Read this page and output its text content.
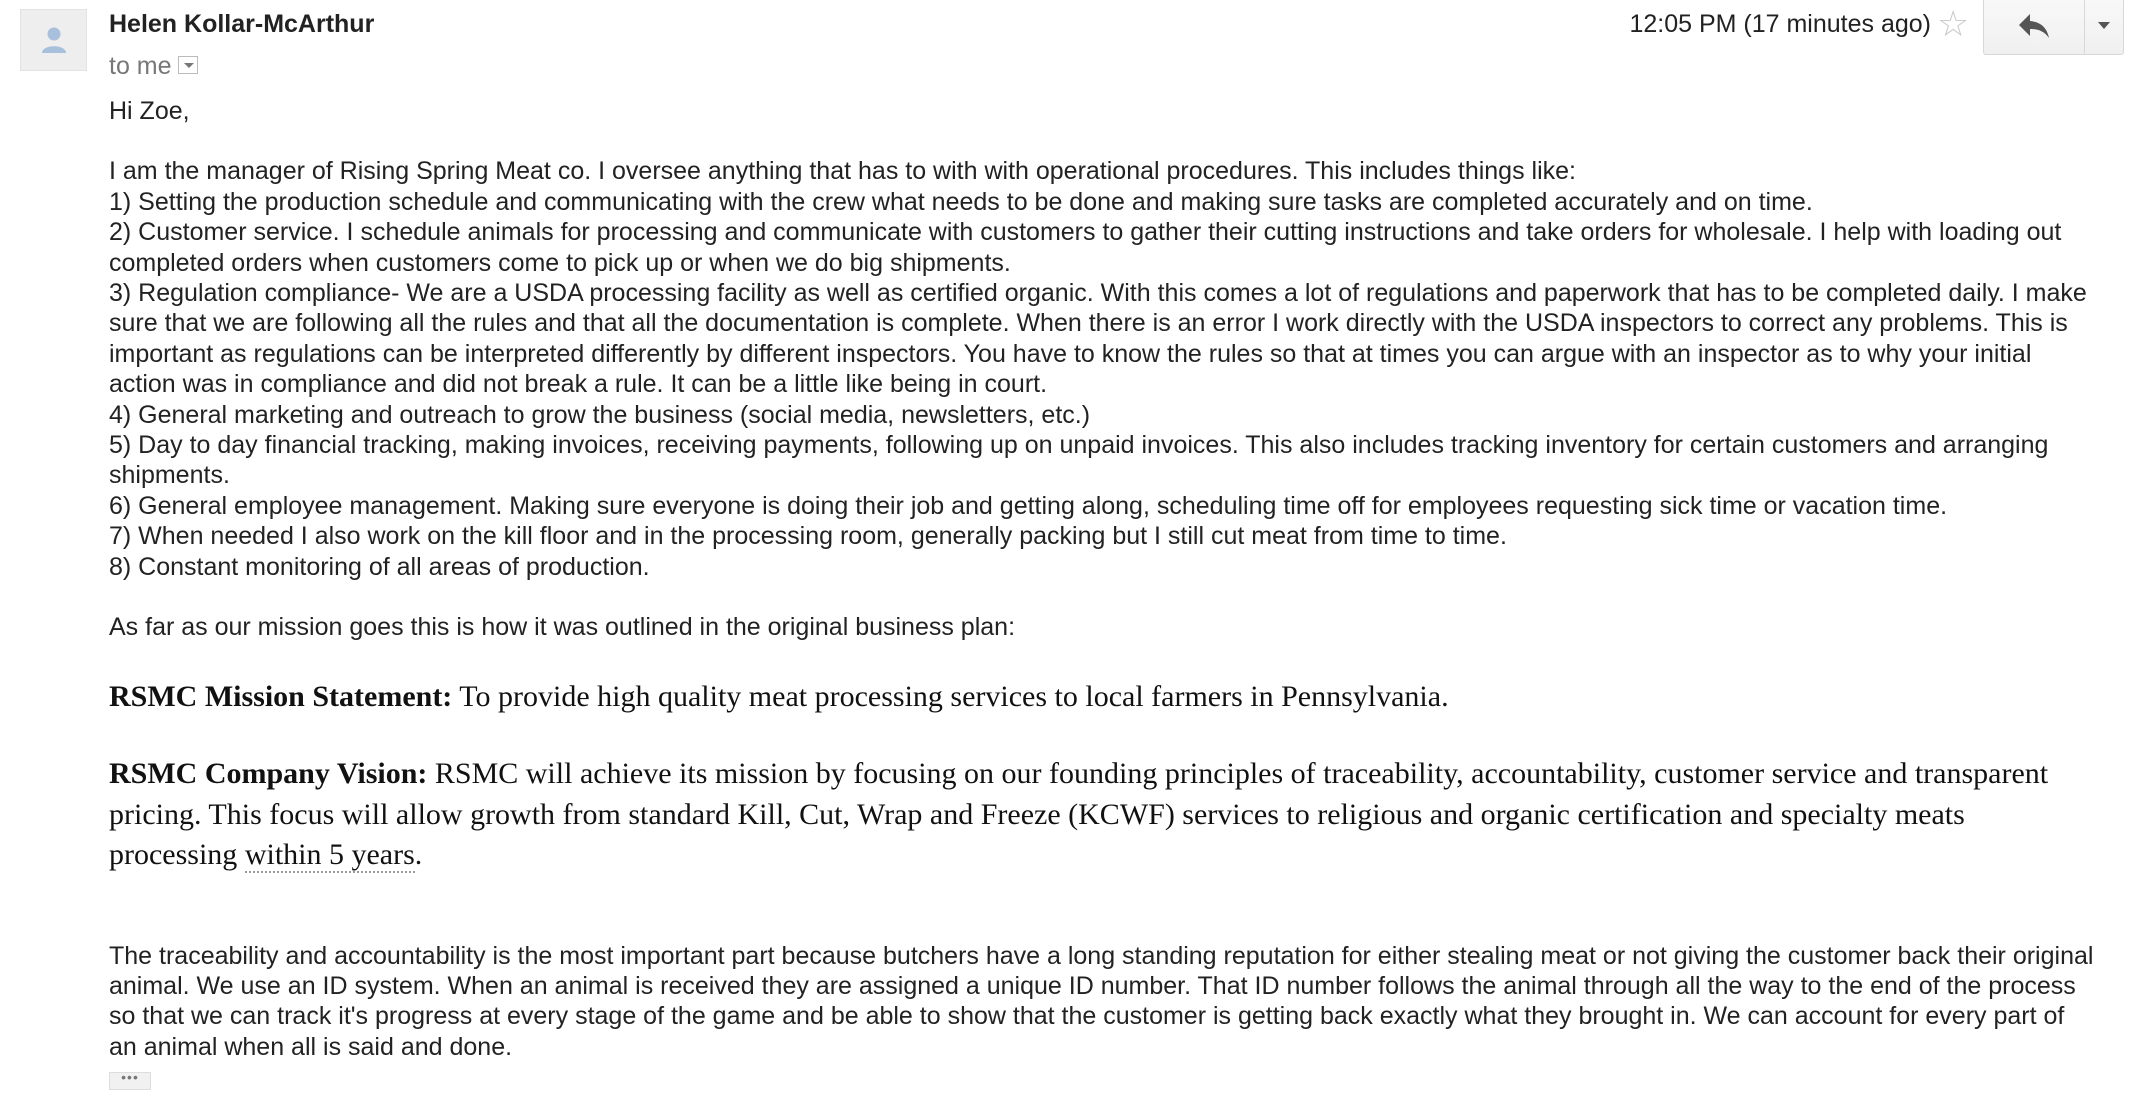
Helen Kollar-McArthur
to me
12:05 PM (17 minutes ago) ☆

Hi Zoe,

I am the manager of Rising Spring Meat co. I oversee anything that has to with with operational procedures. This includes things like:

1) Setting the production schedule and communicating with the crew what needs to be done and making sure tasks are completed accurately and on time.

2) Customer service. I schedule animals for processing and communicate with customers to gather their cutting instructions and take orders for wholesale. I help with loading out completed orders when customers come to pick up or when we do big shipments.

3) Regulation compliance- We are a USDA processing facility as well as certified organic. With this comes a lot of regulations and paperwork that has to be completed daily. I make sure that we are following all the rules and that all the documentation is complete. When there is an error I work directly with the USDA inspectors to correct any problems. This is important as regulations can be interpreted differently by different inspectors. You have to know the rules so that at times you can argue with an inspector as to why your initial action was in compliance and did not break a rule. It can be a little like being in court.

4) General marketing and outreach to grow the business (social media, newsletters, etc.)

5) Day to day financial tracking, making invoices, receiving payments, following up on unpaid invoices. This also includes tracking inventory for certain customers and arranging shipments.

6) General employee management. Making sure everyone is doing their job and getting along, scheduling time off for employees requesting sick time or vacation time.

7) When needed I also work on the kill floor and in the processing room, generally packing but I still cut meat from time to time.

8) Constant monitoring of all areas of production.

As far as our mission goes this is how it was outlined in the original business plan:

RSMC Mission Statement: To provide high quality meat processing services to local farmers in Pennsylvania.

RSMC Company Vision: RSMC will achieve its mission by focusing on our founding principles of traceability, accountability, customer service and transparent pricing. This focus will allow growth from standard Kill, Cut, Wrap and Freeze (KCWF) services to religious and organic certification and specialty meats processing within 5 years.

The traceability and accountability is the most important part because butchers have a long standing reputation for either stealing meat or not giving the customer back their original animal. We use an ID system. When an animal is received they are assigned a unique ID number. That ID number follows the animal through all the way to the end of the process so that we can track it's progress at every stage of the game and be able to show that the customer is getting back exactly what they brought in. We can account for every part of an animal when all is said and done.

•••
